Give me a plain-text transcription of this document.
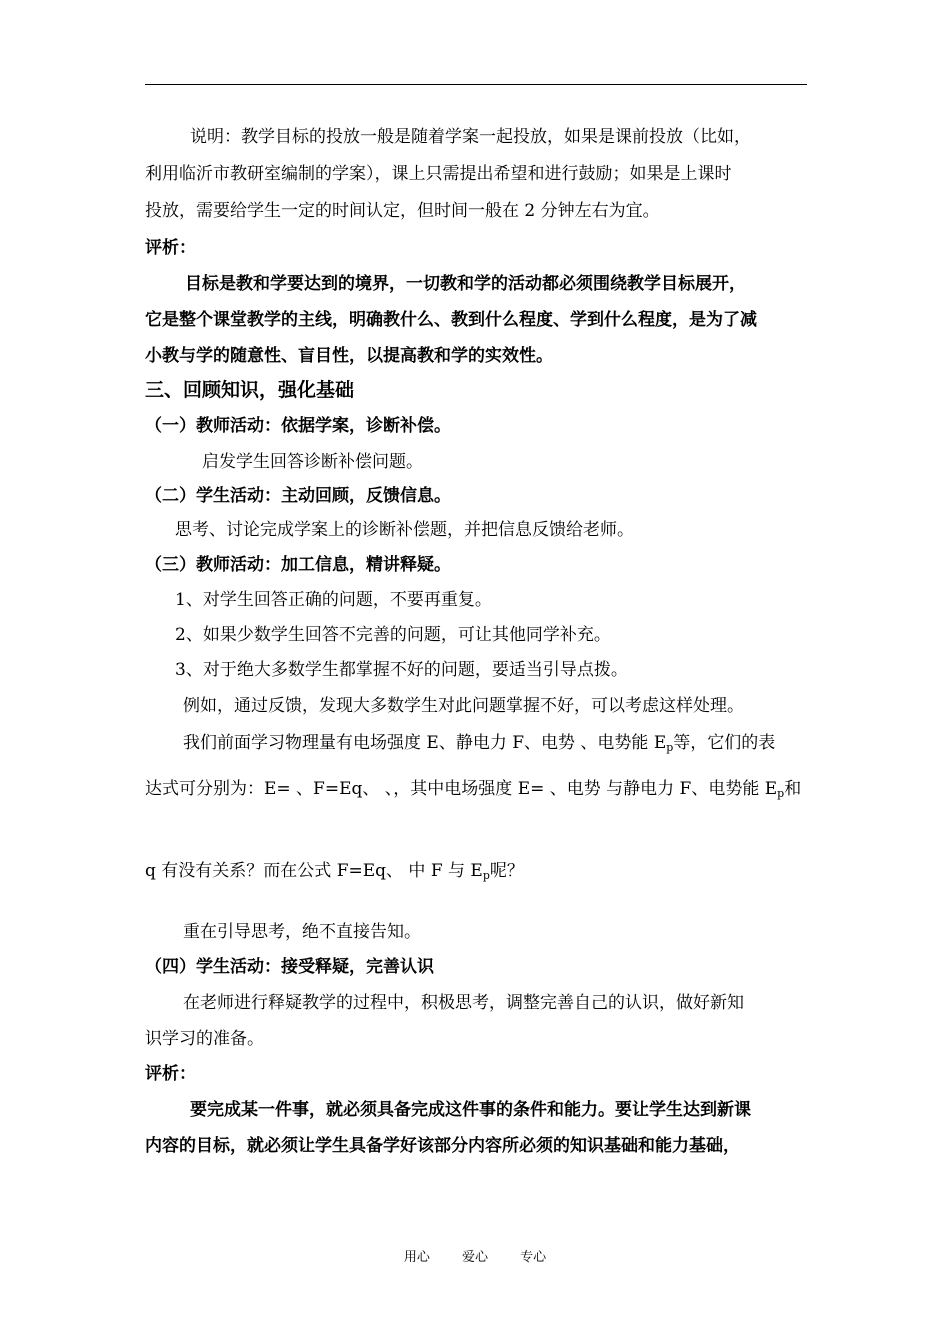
说明：教学目标的投放一般是随着学案一起投放，如果是课前投放（比如，
利用临沂市教研室编制的学案），课上只需提出希望和进行鼓励；如果是上课时
投放，需要给学生一定的时间认定，但时间一般在 2 分钟左右为宜。
评析：
目标是教和学要达到的境界，一切教和学的活动都必须围绕教学目标展开，
它是整个课堂教学的主线，明确教什么、教到什么程度、学到什么程度，是为了减
小教与学的随意性、盲目性，以提高教和学的实效性。
三、回顾知识，强化基础
（一）教师活动：依据学案，诊断补偿。
启发学生回答诊断补偿问题。
（二）学生活动：主动回顾，反馈信息。
思考、讨论完成学案上的诊断补偿题，并把信息反馈给老师。
（三）教师活动：加工信息，精讲释疑。
1、对学生回答正确的问题，不要再重复。
2、如果少数学生回答不完善的问题，可让其他同学补充。
3、对于绝大多数学生都掌握不好的问题，要适当引导点拨。
例如，通过反馈，发现大多数学生对此问题掌握不好，可以考虑这样处理。
我们前面学习物理量有电场强度 E、静电力 F、电势 、电势能 $E_p$等，它们的表
达式可分别为：E= 、F=Eq、 、，其中电场强度 E= 、电势 与静电力 F、电势能 $E_p$和
q 有没有关系？而在公式 F=Eq、 中 F 与 $E_p$呢？
重在引导思考，绝不直接告知。
（四）学生活动：接受释疑，完善认识
在老师进行释疑教学的过程中，积极思考，调整完善自己的认识，做好新知
识学习的准备。
评析：
要完成某一件事，就必须具备完成这件事的条件和能力。要让学生达到新课
内容的目标，就必须让学生具备学好该部分内容所必须的知识基础和能力基础，
用心 爱心 专心
